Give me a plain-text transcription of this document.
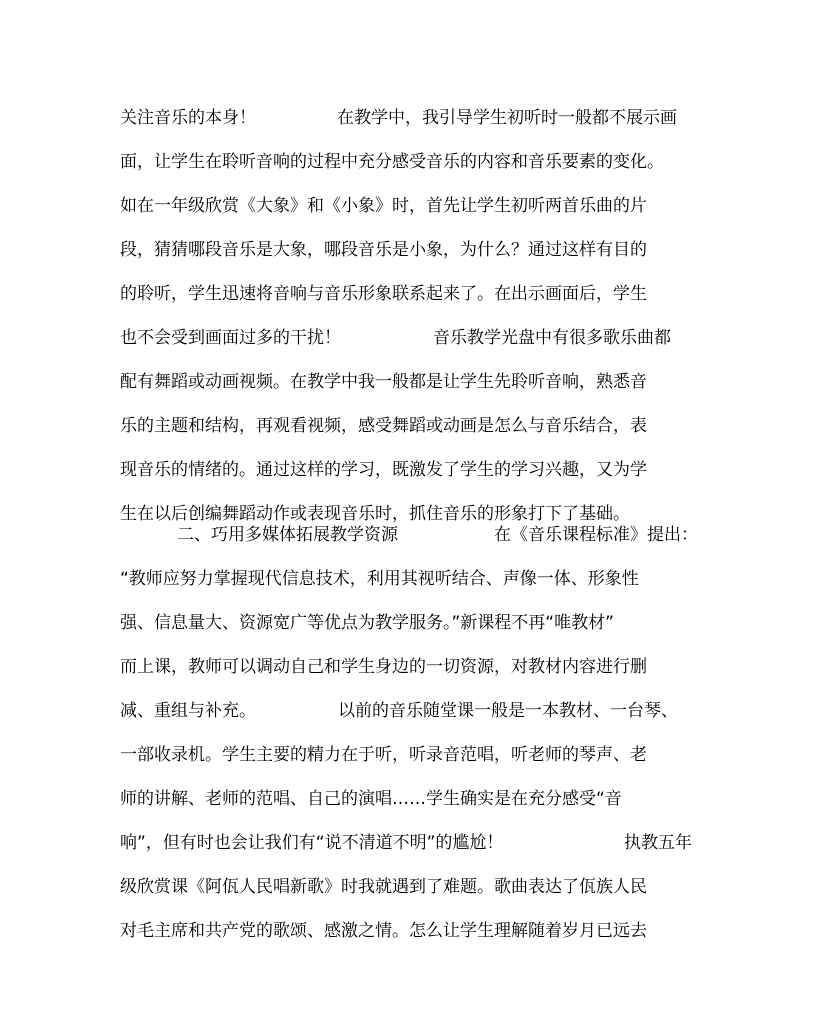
关注音乐的本身！	在教学中，我引导学生初听时一般都不展示画
面，让学生在聆听音响的过程中充分感受音乐的内容和音乐要素的变化。
如在一年级欣赏《大象》和《小象》时，首先让学生初听两首乐曲的片
段，猜猜哪段音乐是大象，哪段音乐是小象，为什么？通过这样有目的
的聆听，学生迅速将音响与音乐形象联系起来了。在出示画面后，学生
也不会受到画面过多的干扰！	音乐教学光盘中有很多歌乐曲都
配有舞蹈或动画视频。在教学中我一般都是让学生先聆听音响，熟悉音
乐的主题和结构，再观看视频，感受舞蹈或动画是怎么与音乐结合，表
现音乐的情绪的。通过这样的学习，既激发了学生的学习兴趣，又为学
生在以后创编舞蹈动作或表现音乐时，抓住音乐的形象打下了基础。
二、巧用多媒体拓展教学资源	在《音乐课程标准》提出：
“教师应努力掌握现代信息技术，利用其视听结合、声像一体、形象性
强、信息量大、资源宽广等优点为教学服务。”新课程不再“唯教材”
而上课，教师可以调动自己和学生身边的一切资源，对教材内容进行删
减、重组与补充。	以前的音乐随堂课一般是一本教材、一台琴、
一部收录机。学生主要的精力在于听，听录音范唱，听老师的琴声、老
师的讲解、老师的范唱、自己的演唱……学生确实是在充分感受“音
响”，但有时也会让我们有“说不清道不明”的尴尬！	执教五年
级欣赏课《阿佤人民唱新歌》时我就遇到了难题。歌曲表达了佤族人民
对毛主席和共产党的歌颂、感激之情。怎么让学生理解随着岁月已远去
